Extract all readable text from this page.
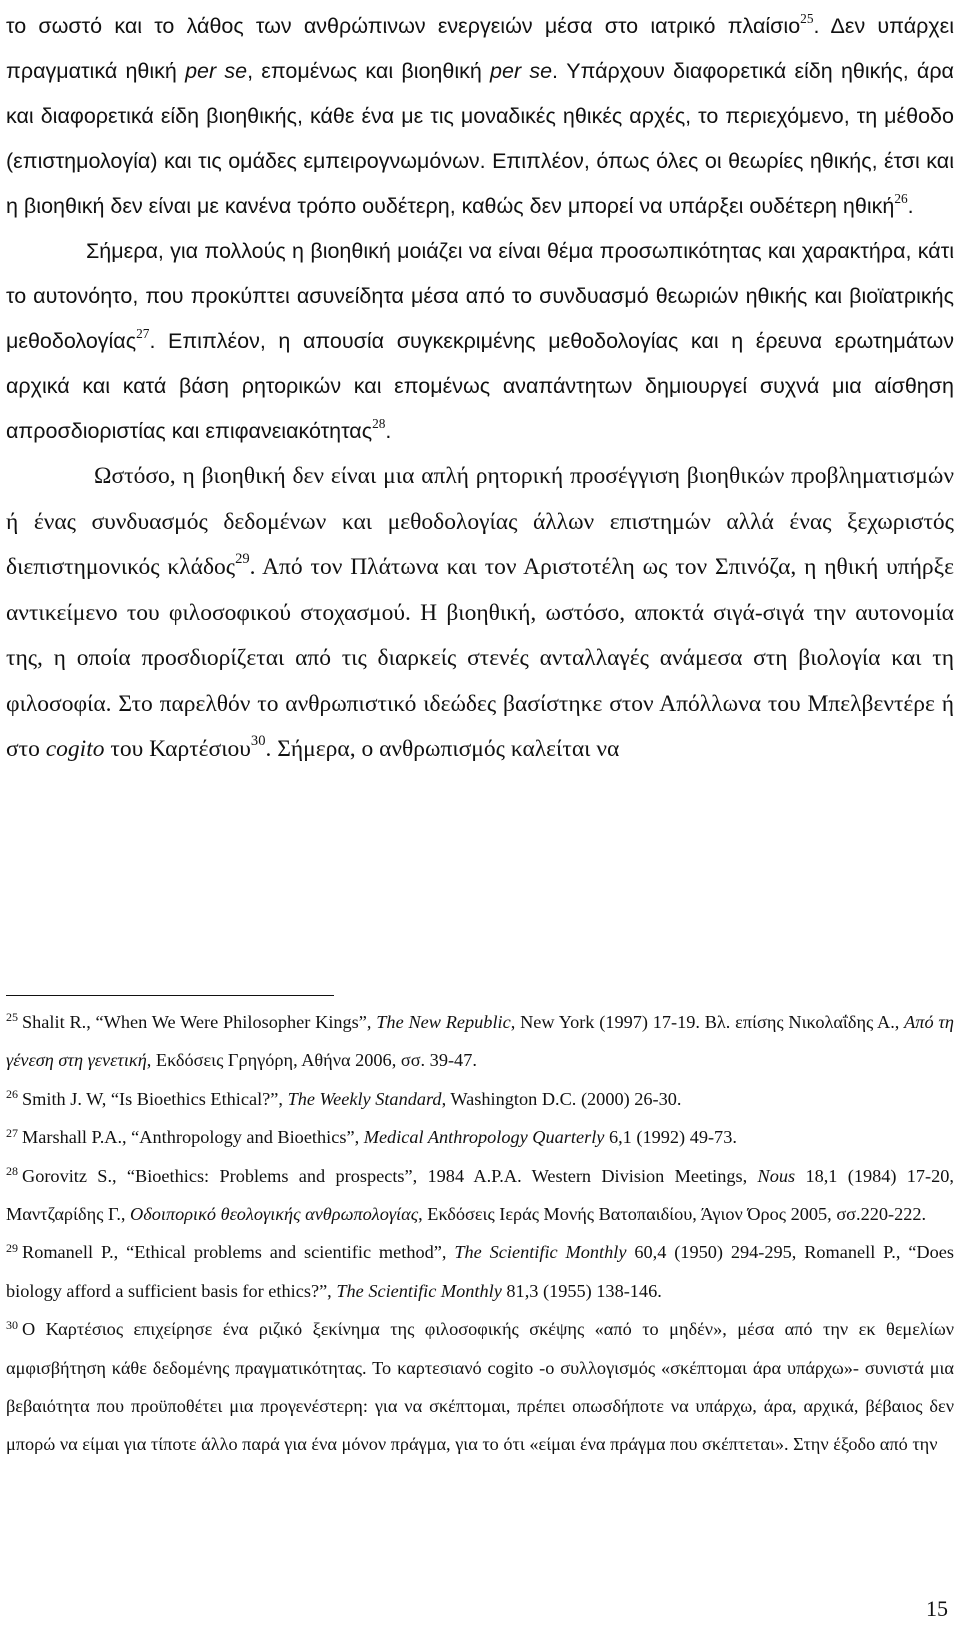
το σωστό και το λάθος των ανθρώπινων ενεργειών μέσα στο ιατρικό πλαίσιο$^{25}$. Δεν υπάρχει πραγματικά ηθική per se, επομένως και βιοηθική per se. Υπάρχουν διαφορετικά είδη ηθικής, άρα και διαφορετικά είδη βιοηθικής, κάθε ένα με τις μοναδικές ηθικές αρχές, το περιεχόμενο, τη μέθοδο (επιστημολογία) και τις ομάδες εμπειρογνωμόνων. Επιπλέον, όπως όλες οι θεωρίες ηθικής, έτσι και η βιοηθική δεν είναι με κανένα τρόπο ουδέτερη, καθώς δεν μπορεί να υπάρξει ουδέτερη ηθική$^{26}$.

Σήμερα, για πολλούς η βιοηθική μοιάζει να είναι θέμα προσωπικότητας και χαρακτήρα, κάτι το αυτονόητο, που προκύπτει ασυνείδητα μέσα από το συνδυασμό θεωριών ηθικής και βιοϊατρικής μεθοδολογίας$^{27}$. Επιπλέον, η απουσία συγκεκριμένης μεθοδολογίας και η έρευνα ερωτημάτων αρχικά και κατά βάση ρητορικών και επομένως αναπάντητων δημιουργεί συχνά μια αίσθηση απροσδιοριστίας και επιφανειακότητας$^{28}$.

Ωστόσο, η βιοηθική δεν είναι μια απλή ρητορική προσέγγιση βιοηθικών προβληματισμών ή ένας συνδυασμός δεδομένων και μεθοδολογίας άλλων επιστημών αλλά ένας ξεχωριστός διεπιστημονικός κλάδος$^{29}$. Από τον Πλάτωνα και τον Αριστοτέλη ως τον Σπινόζα, η ηθική υπήρξε αντικείμενο του φιλοσοφικού στοχασμού. Η βιοηθική, ωστόσο, αποκτά σιγά-σιγά την αυτονομία της, η οποία προσδιορίζεται από τις διαρκείς στενές ανταλλαγές ανάμεσα στη βιολογία και τη φιλοσοφία. Στο παρελθόν το ανθρωπιστικό ιδεώδες βασίστηκε στον Απόλλωνα του Μπελβεντέρε ή στο cogito του Καρτέσιου$^{30}$. Σήμερα, ο ανθρωπισμός καλείται να

$^{25}$ Shalit R., “When We Were Philosopher Kings”, The New Republic, New York (1997) 17-19. Βλ. επίσης Νικολαΐδης Α., Από τη γένεση στη γενετική, Εκδόσεις Γρηγόρη, Αθήνα 2006, σσ. 39-47.

$^{26}$ Smith J. W, “Is Bioethics Ethical?”, The Weekly Standard, Washington D.C. (2000) 26-30.

$^{27}$ Marshall P.A., “Anthropology and Bioethics”, Medical Anthropology Quarterly 6,1 (1992) 49-73.

$^{28}$ Gorovitz S., “Bioethics: Problems and prospects”, 1984 A.P.A. Western Division Meetings, Nous 18,1 (1984) 17-20, Μαντζαρίδης Γ., Οδοιπορικό θεολογικής ανθρωπολογίας, Εκδόσεις Ιεράς Μονής Βατοπαιδίου, Άγιον Όρος 2005, σσ.220-222.

$^{29}$ Romanell P., “Ethical problems and scientific method”, The Scientific Monthly 60,4 (1950) 294-295, Romanell P., “Does biology afford a sufficient basis for ethics?”, The Scientific Monthly 81,3 (1955) 138-146.

$^{30}$ Ο Καρτέσιος επιχείρησε ένα ριζικό ξεκίνημα της φιλοσοφικής σκέψης «από το μηδέν», μέσα από την εκ θεμελίων αμφισβήτηση κάθε δεδομένης πραγματικότητας. Το καρτεσιανό cogito -ο συλλογισμός «σκέπτομαι άρα υπάρχω»- συνιστά μια βεβαιότητα που προϋποθέτει μια προγενέστερη: για να σκέπτομαι, πρέπει οπωσδήποτε να υπάρχω, άρα, αρχικά, βέβαιος δεν μπορώ να είμαι για τίποτε άλλο παρά για ένα μόνον πράγμα, για το ότι «είμαι ένα πράγμα που σκέπτεται». Στην έξοδο από την

15
